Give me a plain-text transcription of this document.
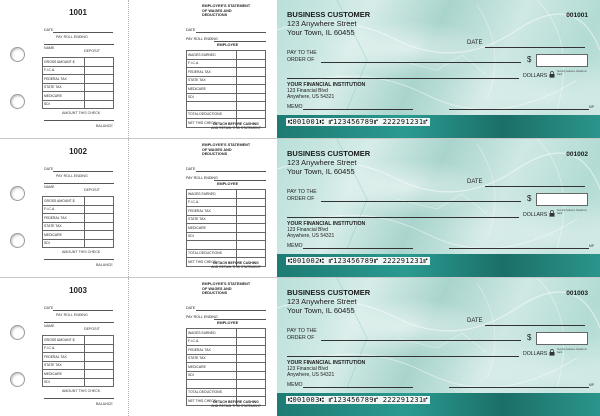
1001
DATE
PAY ROLL ENDING
NAME
DEPOSIT
GROSS AMOUNT $	
F.I.C.A.	
FEDERAL TAX	
STATE TAX	
MEDICARE	
SDI	
AMOUNT THIS CHECK
BALANCE
EMPLOYEE'S STATEMENT OF WAGES AND DEDUCTIONS
DATE
PAY ROLL ENDING
EMPLOYEE
WAGES EARNED	
F.I.C.A.	
FEDERAL TAX	
STATE TAX	
MEDICARE	
SDI	

TOTAL DEDUCTIONS	
NET THIS CHECK	
DETACH BEFORE CASHING
AND RETAIN THIS STATEMENT
BUSINESS CUSTOMER
123 Anywhere Street
Your Town, IL 60455
001001
DATE
PAY TO THE
ORDER OF	$
DOLLARS
Security features. Details on back.
YOUR FINANCIAL INSTITUTION
123 Financial Blvd
Anywhere, US 54321
MEMO	MP
⑆001001⑆ ⑈123456789⑈ 222291231⑈
1002
DATE
PAY ROLL ENDING
NAME
DEPOSIT
GROSS AMOUNT $	
F.I.C.A.	
FEDERAL TAX	
STATE TAX	
MEDICARE	
SDI	
AMOUNT THIS CHECK
BALANCE
EMPLOYEE'S STATEMENT OF WAGES AND DEDUCTIONS
DATE
PAY ROLL ENDING
EMPLOYEE
WAGES EARNED	
F.I.C.A.	
FEDERAL TAX	
STATE TAX	
MEDICARE	
SDI	

TOTAL DEDUCTIONS	
NET THIS CHECK	
DETACH BEFORE CASHING
AND RETAIN THIS STATEMENT
BUSINESS CUSTOMER
123 Anywhere Street
Your Town, IL 60455
001002
DATE
PAY TO THE
ORDER OF	$
DOLLARS
Security features. Details on back.
YOUR FINANCIAL INSTITUTION
123 Financial Blvd
Anywhere, US 54321
MEMO	MP
⑆001002⑆ ⑈123456789⑈ 222291231⑈
1003
DATE
PAY ROLL ENDING
NAME
DEPOSIT
GROSS AMOUNT $	
F.I.C.A.	
FEDERAL TAX	
STATE TAX	
MEDICARE	
SDI	
AMOUNT THIS CHECK
BALANCE
EMPLOYEE'S STATEMENT OF WAGES AND DEDUCTIONS
DATE
PAY ROLL ENDING
EMPLOYEE
WAGES EARNED	
F.I.C.A.	
FEDERAL TAX	
STATE TAX	
MEDICARE	
SDI	

TOTAL DEDUCTIONS	
NET THIS CHECK	
DETACH BEFORE CASHING
AND RETAIN THIS STATEMENT
BUSINESS CUSTOMER
123 Anywhere Street
Your Town, IL 60455
001003
DATE
PAY TO THE
ORDER OF	$
DOLLARS
Security features. Details on back.
YOUR FINANCIAL INSTITUTION
123 Financial Blvd
Anywhere, US 54321
MEMO	MP
⑆001003⑆ ⑈123456789⑈ 222291231⑈
